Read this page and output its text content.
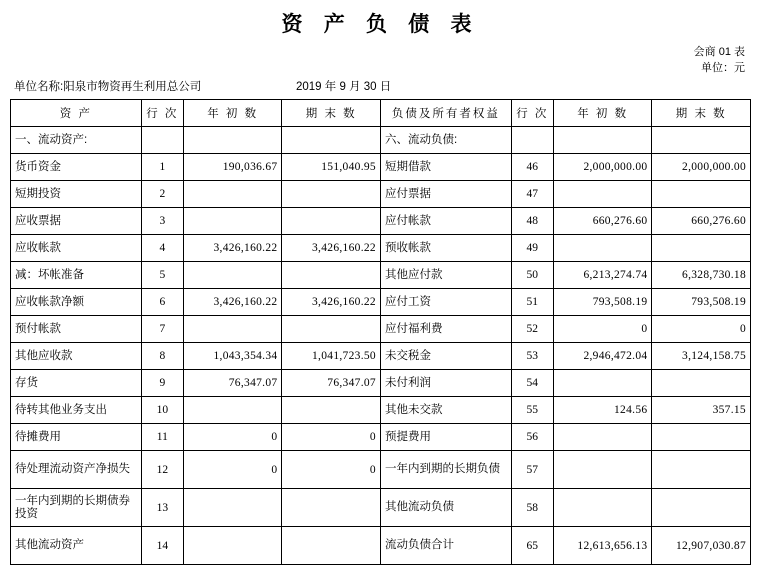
资 产 负 债 表
会商 01 表
单位：元
单位名称:阳泉市物资再生利用总公司	2019 年 9 月 30 日
资 产	行 次	年 初 数	期 末 数	负债及所有者权益	行 次	年 初 数	期 末 数
一、流动资产:				六、流动负债:			
货币资金	1	190,036.67	151,040.95	短期借款	46	2,000,000.00	2,000,000.00
短期投资	2			应付票据	47		
应收票据	3			应付帐款	48	660,276.60	660,276.60
应收帐款	4	3,426,160.22	3,426,160.22	预收帐款	49		
减：坏帐准备	5			其他应付款	50	6,213,274.74	6,328,730.18
应收帐款净额	6	3,426,160.22	3,426,160.22	应付工资	51	793,508.19	793,508.19
预付帐款	7			应付福利费	52	0	0
其他应收款	8	1,043,354.34	1,041,723.50	未交税金	53	2,946,472.04	3,124,158.75
存货	9	76,347.07	76,347.07	未付利润	54		
待转其他业务支出	10			其他未交款	55	124.56	357.15
待摊费用	11	0	0	预提费用	56		
待处理流动资产净损失	12	0	0	一年内到期的长期负债	57		
一年内到期的长期债券投资	13			其他流动负债	58		
其他流动资产	14			流动负债合计	65	12,613,656.13	12,907,030.87
